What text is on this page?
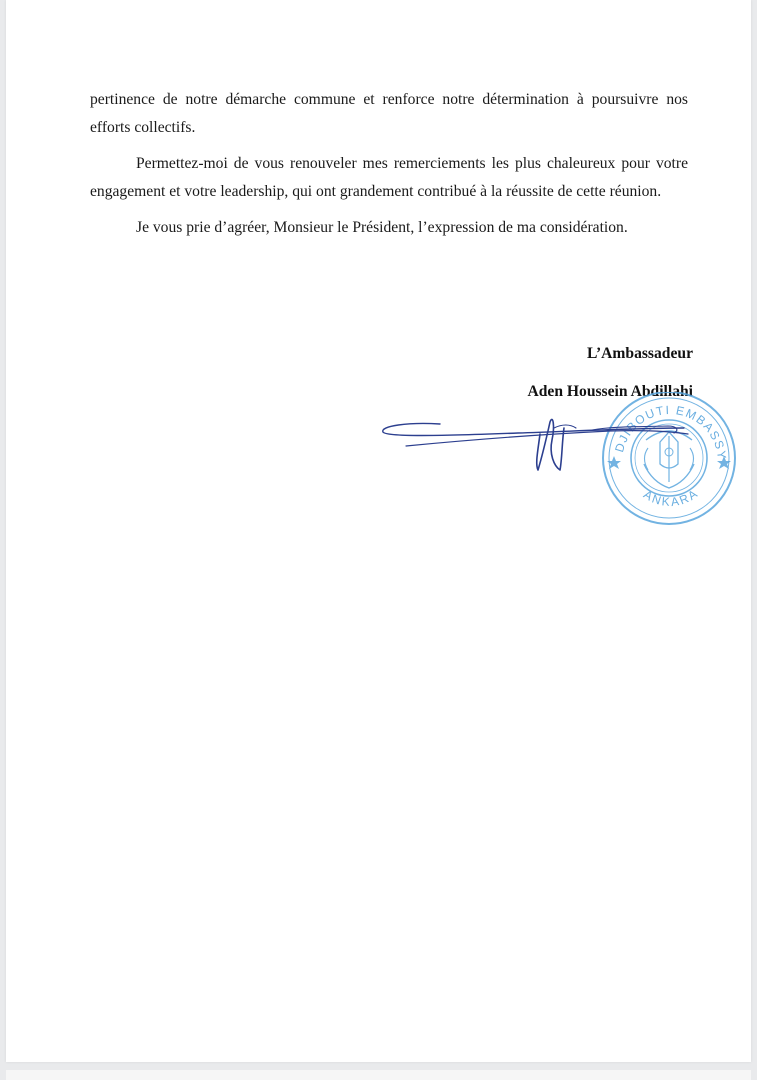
pertinence de notre démarche commune et renforce notre détermination à poursuivre nos efforts collectifs.

Permettez-moi de vous renouveler mes remerciements les plus chaleureux pour votre engagement et votre leadership, qui ont grandement contribué à la réussite de cette réunion.

Je vous prie d’agréer, Monsieur le Président, l’expression de ma considération.

L’Ambassadeur
Aden Houssein Abdillahi
DJIBOUTI EMBASSY
ANKARA
